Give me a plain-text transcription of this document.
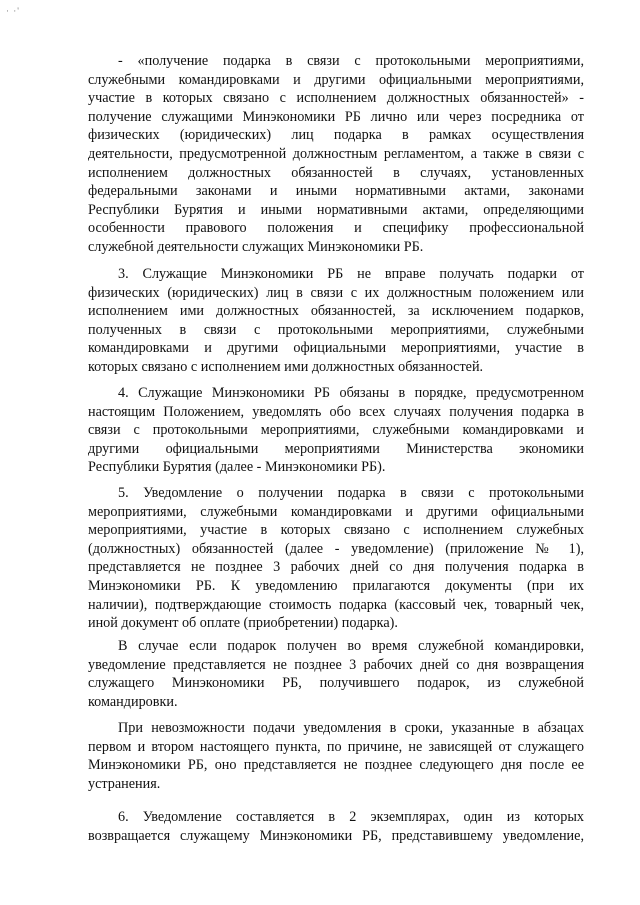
· ·'
- «получение подарка в связи с протокольными мероприятиями,
служебными командировками и другими официальными мероприятиями,
участие в которых связано с исполнением должностных обязанностей» -
получение служащими Минэкономики РБ лично или через посредника от
физических (юридических) лиц подарка в рамках осуществления
деятельности, предусмотренной должностным регламентом, а также в связи с
исполнением должностных обязанностей в случаях, установленных
федеральными законами и иными нормативными актами, законами
Республики Бурятия и иными нормативными актами, определяющими
особенности правового положения и специфику профессиональной
служебной деятельности служащих Минэкономики РБ.
3. Служащие Минэкономики РБ не вправе получать подарки от
физических (юридических) лиц в связи с их должностным положением или
исполнением ими должностных обязанностей, за исключением подарков,
полученных в связи с протокольными мероприятиями, служебными
командировками и другими официальными мероприятиями, участие в
которых связано с исполнением ими должностных обязанностей.
4. Служащие Минэкономики РБ обязаны в порядке, предусмотренном
настоящим Положением, уведомлять обо всех случаях получения подарка в
связи с протокольными мероприятиями, служебными командировками и
другими официальными мероприятиями Министерства экономики
Республики Бурятия (далее - Минэкономики РБ).
5. Уведомление о получении подарка в связи с протокольными
мероприятиями, служебными командировками и другими официальными
мероприятиями, участие в которых связано с исполнением служебных
(должностных) обязанностей (далее - уведомление) (приложение № 1),
представляется не позднее 3 рабочих дней со дня получения подарка в
Минэкономики РБ. К уведомлению прилагаются документы (при их
наличии), подтверждающие стоимость подарка (кассовый чек, товарный чек,
иной документ об оплате (приобретении) подарка).
В случае если подарок получен во время служебной командировки,
уведомление представляется не позднее 3 рабочих дней со дня возвращения
служащего Минэкономики РБ, получившего подарок, из служебной
командировки.
При невозможности подачи уведомления в сроки, указанные в абзацах
первом и втором настоящего пункта, по причине, не зависящей от служащего
Минэкономики РБ, оно представляется не позднее следующего дня после ее
устранения.
6. Уведомление составляется в 2 экземплярах, один из которых
возвращается служащему Минэкономики РБ, представившему уведомление,
